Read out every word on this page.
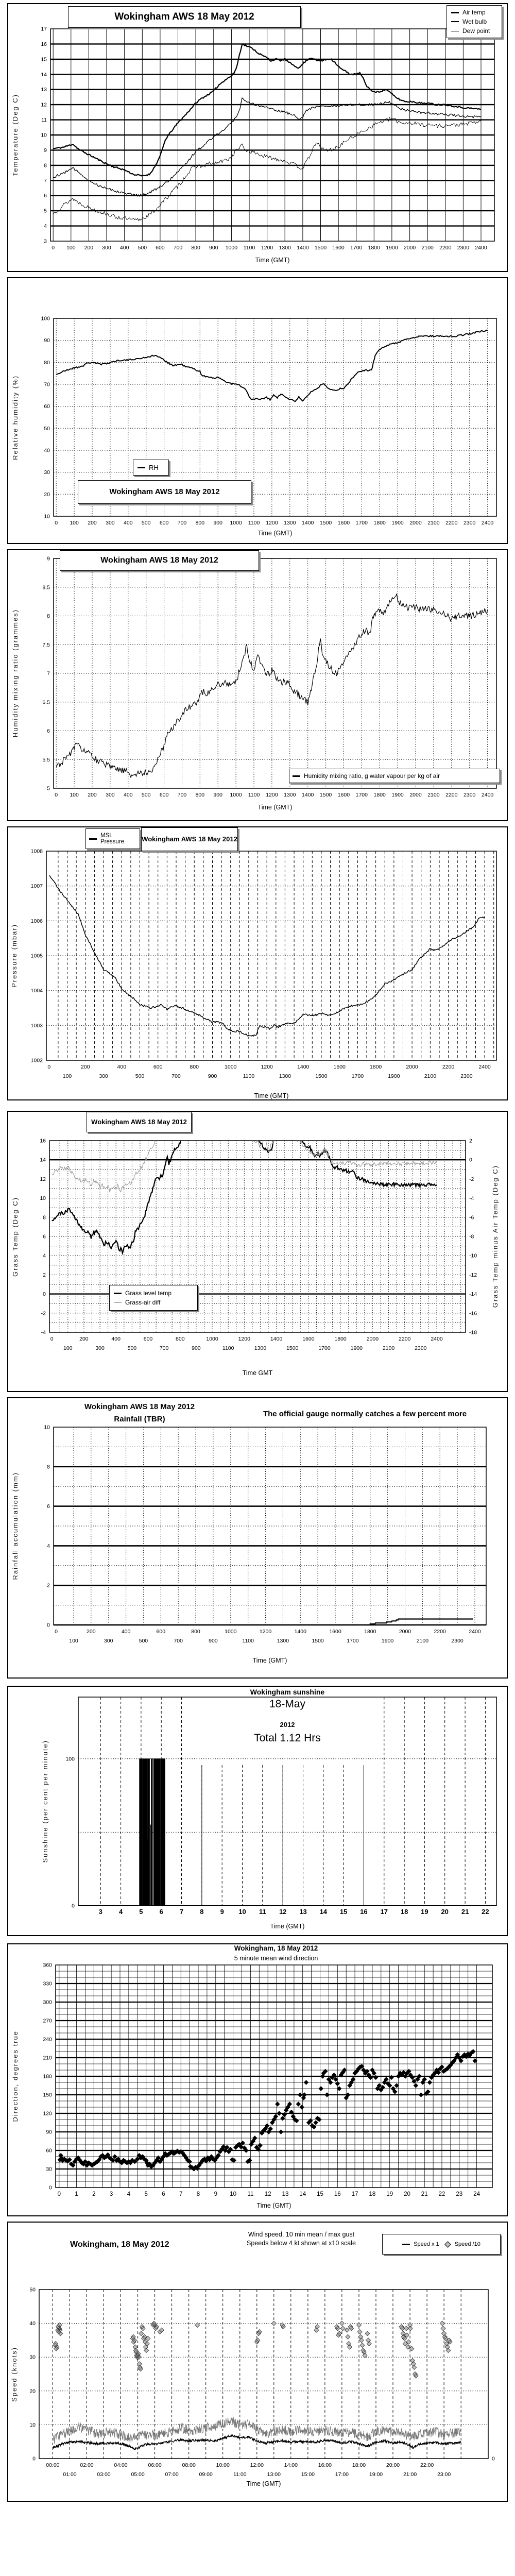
3
4
5
6
7
8
9
10
11
12
13
14
15
16
17
0 100 200 300 400 500 600 700 800 900 1000 1100 1200 1300 1400 1500 1600 1700 1800 1900 2000 2100 2200 2300 2400
Wokingham AWS 18 May 2012	Air temp
Wet bulb
Dew point
Temperature (Deg C)
Time (GMT)
10
20
30
40
50
60
70
80
90
100
0 100 200 300 400 500 600 700 800 900 1000 1100 1200 1300 1400 1500 1600 1700 1800 1900 2000 2100 2200 2300 2400
RH
Wokingham AWS 18 May 2012
Relative humidity (%)
Time (GMT)
5
5.5
6
6.5
7
7.5
8
8.5
9
0 100 200 300 400 500 600 700 800 900 1000 1100 1200 1300 1400 1500 1600 1700 1800 1900 2000 2100 2200 2300 2400
Wokingham AWS 18 May 2012
Humidity mixing ratio, g water vapour per kg of air
Humidity mixing ratio (grammes)
Time (GMT)
1002
1003
1004
1005
1006
1007
1008
0
100
200
300
400
500
600
700
800
900
1000
1100
1200
1300
1400
1500
1600
1700
1800
1900
2000
2100
2200
2300
2400
MSL Pressure	Wokingham AWS 18 May 2012
Pressure (mbar)
Time (GMT)
-4
-2
0
2
4
6
8
10
12
14
16
-18
-16
-14
-12
-10
-8
-6
-4
-2
0
2
0
100
200
300
400
500
600
700
800
900
1000
1100
1200
1300
1400
1500
1600
1700
1800
1900
2000
2100
2200
2300
2400
Wokingham AWS 18 May 2012
Grass level temp
Grass-air diff
Grass Temp (Deg C)	Grass Temp minus Air Temp (Deg C)
Time GMT
0
2
4
6
8
10
0
100
200
300
400
500
600
700
800
900
1000
1100
1200
1300
1400
1500
1600
1700
1800
1900
2000
2100
2200
2300
2400
Wokingham AWS 18 May 2012
Rainfall (TBR)
The official gauge normally catches a few percent more
Rainfall accumulation (mm)
Time (GMT)
0
100
3 4 5 6 7 8 9 10 11 12 13 14 15 16 17 18 19 20 21 22
Wokingham sunshine
18-May
2012
Total 1.12 Hrs
Sunshine (per cent per minute)
Time (GMT)
0
30
60
90
120
150
180
210
240
270
300
330
360
0 1 2 3 4 5 6 7 8 9 10 11 12 13 14 15 16 17 18 19 20 21 22 23 24
Wokingham, 18 May 2012
5 minute mean wind direction
Direction, degrees true
Time (GMT)
0
10
20
30
40
50
0
00:00
01:00
02:00
03:00
04:00
05:00
06:00
07:00
08:00
09:00
10:00
11:00
12:00
13:00
14:00
15:00
16:00
17:00
18:00
19:00
20:00
21:00
22:00
23:00
Wokingham, 18 May 2012
Wind speed, 10 min mean / max gust
Speeds below 4 kt shown at x10 scale	Speed x 1	Speed /10
Speed (knots)
Time (GMT)
